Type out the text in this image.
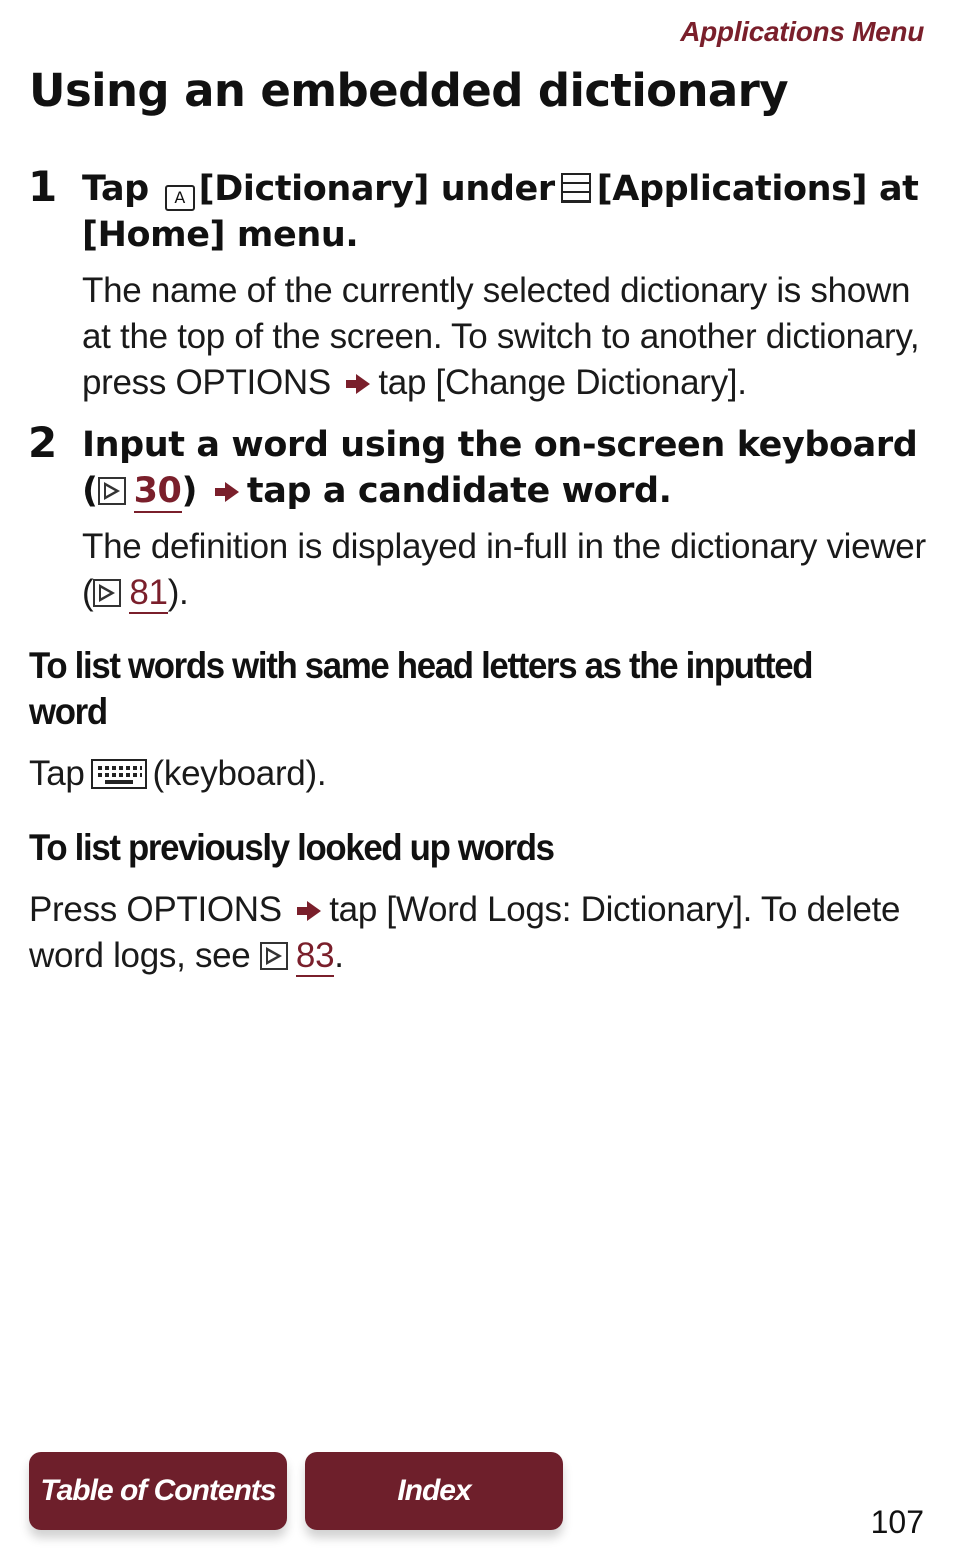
Applications Menu
Using an embedded dictionary
1 Tap A [Dictionary] under [Applications] at [Home] menu.
The name of the currently selected dictionary is shown at the top of the screen. To switch to another dictionary, press OPTIONS tap [Change Dictionary].
2 Input a word using the on-screen keyboard ( 30) tap a candidate word.
The definition is displayed in-full in the dictionary viewer ( 81).
To list words with same head letters as the inputted word
Tap (keyboard).
To list previously looked up words
Press OPTIONS tap [Word Logs: Dictionary]. To delete word logs, see 83.
Table of Contents	Index
107
